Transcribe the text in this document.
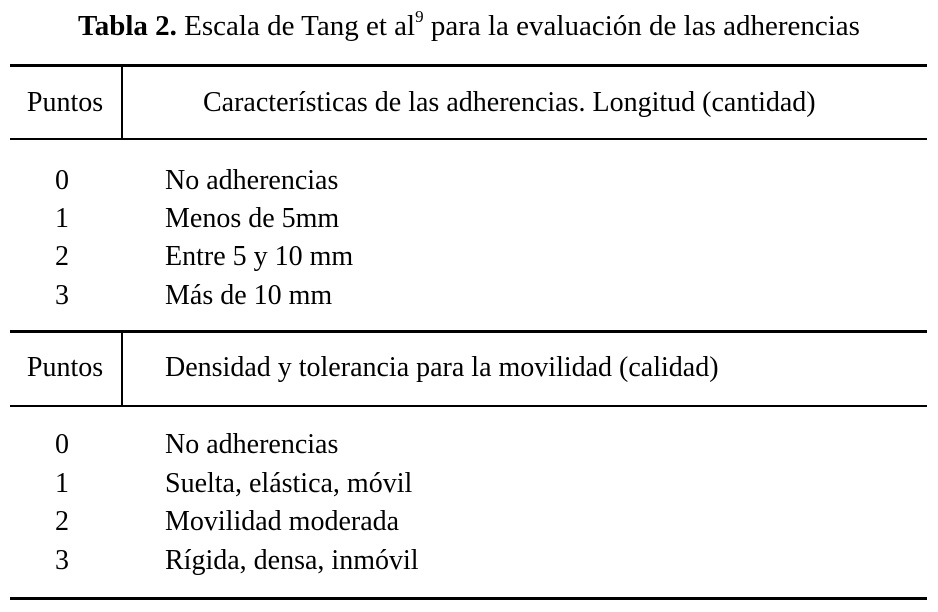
Tabla 2. Escala de Tang et $al^9$ para la evaluación de las adherencias
Puntos	Características de las adherencias. Longitud (cantidad)
0	No adherencias
1	Menos de 5mm
2	Entre 5 y 10 mm
3	Más de 10 mm
Puntos	Densidad y tolerancia para la movilidad (calidad)
0	No adherencias
1	Suelta, elástica, móvil
2	Movilidad moderada
3	Rígida, densa, inmóvil
